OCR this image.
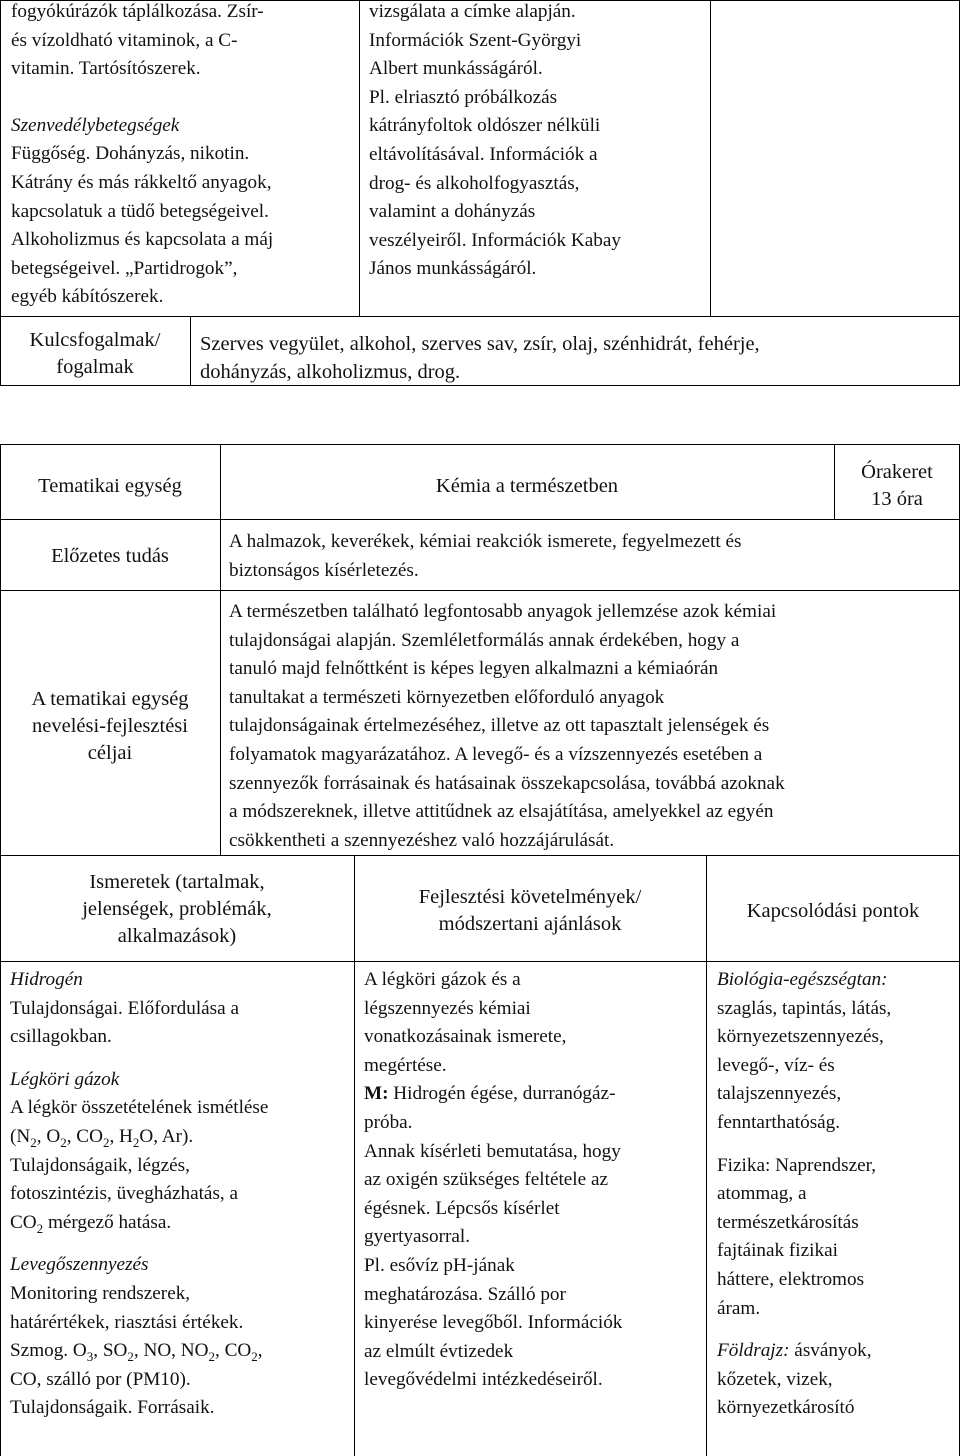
fogyókúrázók táplálkozása. Zsír-
és vízoldható vitaminok, a C-
vitamin. Tartósítószerek.
Szenvedélybetegségek
Függőség. Dohányzás, nikotin.
Kátrány és más rákkeltő anyagok,
kapcsolatuk a tüdő betegségeivel.
Alkoholizmus és kapcsolata a máj
betegségeivel. „Partidrogok”,
egyéb kábítószerek.
vizsgálata a címke alapján.
Információk Szent-Györgyi
Albert munkásságáról.
Pl. elriasztó próbálkozás
kátrányfoltok oldószer nélküli
eltávolításával. Információk a
drog- és alkoholfogyasztás,
valamint a dohányzás
veszélyeiről. Információk Kabay
János munkásságáról.
Kulcsfogalmak/
fogalmak
Szerves vegyület, alkohol, szerves sav, zsír, olaj, szénhidrát, fehérje,
dohányzás, alkoholizmus, drog.
Tematikai egység	Kémia a természetben
Órakeret
13 óra
Előzetes tudás
A halmazok, keverékek, kémiai reakciók ismerete, fegyelmezett és
biztonságos kísérletezés.
A tematikai egység
nevelési-fejlesztési
céljai
A természetben található legfontosabb anyagok jellemzése azok kémiai
tulajdonságai alapján. Szemléletformálás annak érdekében, hogy a
tanuló majd felnőttként is képes legyen alkalmazni a kémiaórán
tanultakat a természeti környezetben előforduló anyagok
tulajdonságainak értelmezéséhez, illetve az ott tapasztalt jelenségek és
folyamatok magyarázatához. A levegő- és a vízszennyezés esetében a
szennyezők forrásainak és hatásainak összekapcsolása, továbbá azoknak
a módszereknek, illetve attitűdnek az elsajátítása, amelyekkel az egyén
csökkentheti a szennyezéshez való hozzájárulását.
Ismeretek (tartalmak,
jelenségek, problémák,
alkalmazások)
Fejlesztési követelmények/
módszertani ajánlások
Kapcsolódási pontok
Hidrogén
Tulajdonságai. Előfordulása a
csillagokban.
Légköri gázok
A légkör összetételének ismétlése
($N_2$, $O_2$, $CO_2$, $H_2O$, Ar).
Tulajdonságaik, légzés,
fotoszintézis, üvegházhatás, a
$CO_2$ mérgező hatása.
Levegőszennyezés
Monitoring rendszerek,
határértékek, riasztási értékek.
Szmog. $O_3$, $SO_2$, NO, $NO_2$, $CO_2$,
CO, szálló por (PM10).
Tulajdonságaik. Forrásaik.
A légköri gázok és a
légszennyezés kémiai
vonatkozásainak ismerete,
megértése.
M: Hidrogén égése, durranógáz-
próba.
Annak kísérleti bemutatása, hogy
az oxigén szükséges feltétele az
égésnek. Lépcsős kísérlet
gyertyasorral.
Pl. esővíz pH-jának
meghatározása. Szálló por
kinyerése levegőből. Információk
az elmúlt évtizedek
levegővédelmi intézkedéseiről.
Biológia-egészségtan:
szaglás, tapintás, látás,
környezetszennyezés,
levegő-, víz- és
talajszennyezés,
fenntarthatóság.
Fizika: Naprendszer,
atommag, a
természetkárosítás
fajtáinak fizikai
háttere, elektromos
áram.
Földrajz: ásványok,
kőzetek, vizek,
környezetkárosító
